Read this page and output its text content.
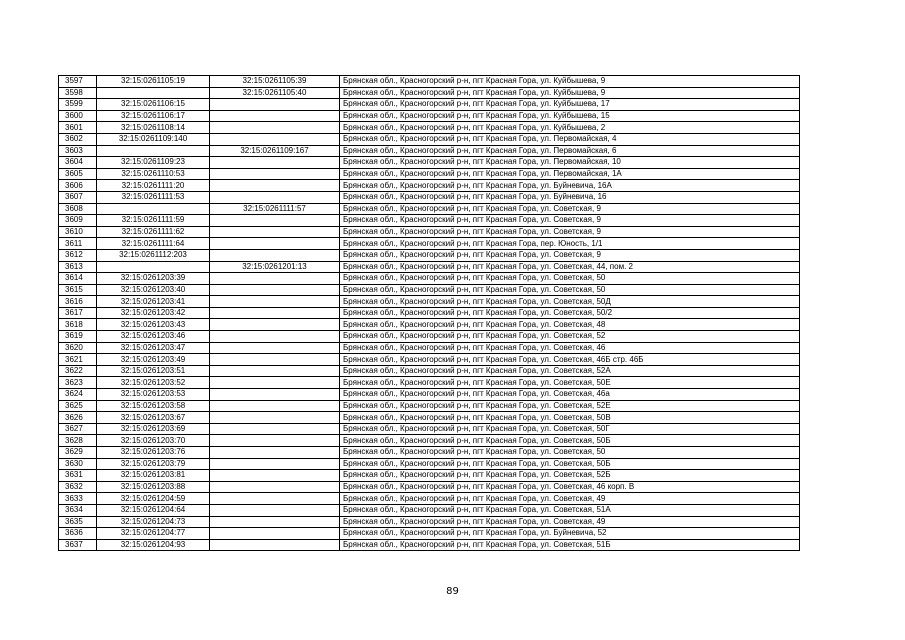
3597	32:15:0261105:19	32:15:0261105:39	Брянская обл., Красногорский р-н, пгт Красная Гора, ул. Куйбышева, 9
3598		32:15:0261105:40	Брянская обл., Красногорский р-н, пгт Красная Гора, ул. Куйбышева, 9
3599	32:15:0261106:15		Брянская обл., Красногорский р-н, пгт Красная Гора, ул. Куйбышева, 17
3600	32:15:0261106:17		Брянская обл., Красногорский р-н, пгт Красная Гора, ул. Куйбышева, 15
3601	32:15:0261108:14		Брянская обл., Красногорский р-н, пгт Красная Гора, ул. Куйбышева, 2
3602	32:15:0261109:140		Брянская обл., Красногорский р-н, пгт Красная Гора, ул. Первомайская, 4
3603		32:15:0261109:167	Брянская обл., Красногорский р-н, пгт Красная Гора, ул. Первомайская, 6
3604	32:15:0261109:23		Брянская обл., Красногорский р-н, пгт Красная Гора, ул. Первомайская, 10
3605	32:15:0261110:53		Брянская обл., Красногорский р-н, пгт Красная Гора, ул. Первомайская, 1А
3606	32:15:0261111:20		Брянская обл., Красногорский р-н, пгт Красная Гора, ул. Буйневича, 16А
3607	32:15:0261111:53		Брянская обл., Красногорский р-н, пгт Красная Гора, ул. Буйневича, 16
3608		32:15:0261111:57	Брянская обл., Красногорский р-н, пгт Красная Гора, ул. Советская, 9
3609	32:15:0261111:59		Брянская обл., Красногорский р-н, пгт Красная Гора, ул. Советская, 9
3610	32:15:0261111:62		Брянская обл., Красногорский р-н, пгт Красная Гора, ул. Советская, 9
3611	32:15:0261111:64		Брянская обл., Красногорский р-н, пгт Красная Гора, пер. Юность, 1/1
3612	32:15:0261112:203		Брянская обл., Красногорский р-н, пгт Красная Гора, ул. Советская, 9
3613		32:15:0261201:13	Брянская обл., Красногорский р-н, пгт Красная Гора, ул. Советская, 44, пом. 2
3614	32:15:0261203:39		Брянская обл., Красногорский р-н, пгт Красная Гора, ул. Советская, 50
3615	32:15:0261203:40		Брянская обл., Красногорский р-н, пгт Красная Гора, ул. Советская, 50
3616	32:15:0261203:41		Брянская обл., Красногорский р-н, пгт Красная Гора, ул. Советская, 50Д
3617	32:15:0261203:42		Брянская обл., Красногорский р-н, пгт Красная Гора, ул. Советская, 50/2
3618	32:15:0261203:43		Брянская обл., Красногорский р-н, пгт Красная Гора, ул. Советская, 48
3619	32:15:0261203:46		Брянская обл., Красногорский р-н, пгт Красная Гора, ул. Советская, 52
3620	32:15:0261203:47		Брянская обл., Красногорский р-н, пгт Красная Гора, ул. Советская, 46
3621	32:15:0261203:49		Брянская обл., Красногорский р-н, пгт Красная Гора, ул. Советская, 46Б стр. 46Б
3622	32:15:0261203:51		Брянская обл., Красногорский р-н, пгт Красная Гора, ул. Советская, 52А
3623	32:15:0261203:52		Брянская обл., Красногорский р-н, пгт Красная Гора, ул. Советская, 50Е
3624	32:15:0261203:53		Брянская обл., Красногорский р-н, пгт Красная Гора, ул. Советская, 46а
3625	32:15:0261203:58		Брянская обл., Красногорский р-н, пгт Красная Гора, ул. Советская, 52Е
3626	32:15:0261203:67		Брянская обл., Красногорский р-н, пгт Красная Гора, ул. Советская, 50В
3627	32:15:0261203:69		Брянская обл., Красногорский р-н, пгт Красная Гора, ул. Советская, 50Г
3628	32:15:0261203:70		Брянская обл., Красногорский р-н, пгт Красная Гора, ул. Советская, 50Б
3629	32:15:0261203:76		Брянская обл., Красногорский р-н, пгт Красная Гора, ул. Советская, 50
3630	32:15:0261203:79		Брянская обл., Красногорский р-н, пгт Красная Гора, ул. Советская, 50Б
3631	32:15:0261203:81		Брянская обл., Красногорский р-н, пгт Красная Гора, ул. Советская, 52Б
3632	32:15:0261203:88		Брянская обл., Красногорский р-н, пгт Красная Гора, ул. Советская, 46 корп. В
3633	32:15:0261204:59		Брянская обл., Красногорский р-н, пгт Красная Гора, ул. Советская, 49
3634	32:15:0261204:64		Брянская обл., Красногорский р-н, пгт Красная Гора, ул. Советская, 51А
3635	32:15:0261204:73		Брянская обл., Красногорский р-н, пгт Красная Гора, ул. Советская, 49
3636	32:15:0261204:77		Брянская обл., Красногорский р-н, пгт Красная Гора, ул. Буйневича, 52
3637	32:15:0261204:93		Брянская обл., Красногорский р-н, пгт Красная Гора, ул. Советская, 51Б
89
